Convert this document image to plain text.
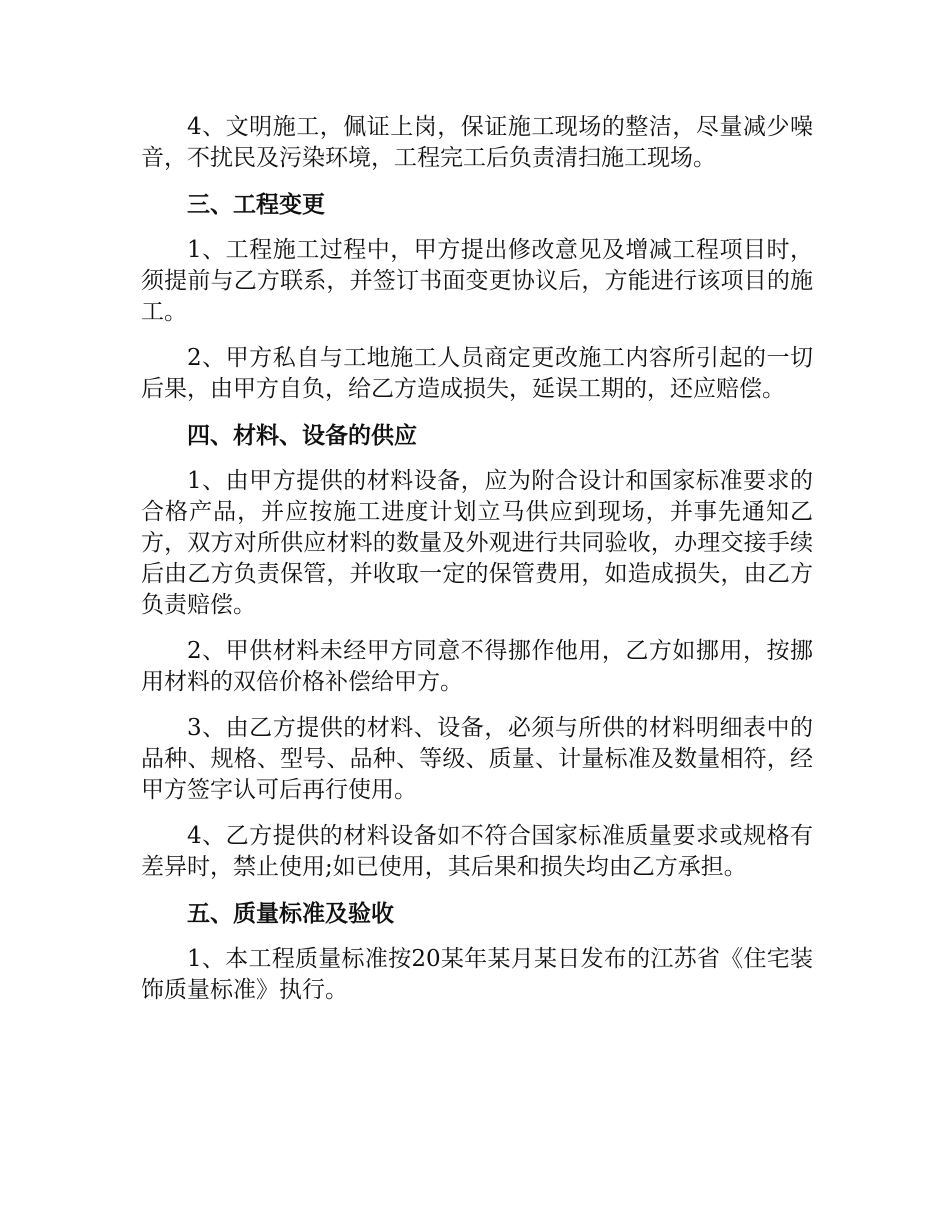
4、文明施工，佩证上岗，保证施工现场的整洁，尽量减少噪音，不扰民及污染环境，工程完工后负责清扫施工现场。

三、工程变更

1、工程施工过程中，甲方提出修改意见及增减工程项目时，须提前与乙方联系，并签订书面变更协议后，方能进行该项目的施工。

2、甲方私自与工地施工人员商定更改施工内容所引起的一切后果，由甲方自负，给乙方造成损失，延误工期的，还应赔偿。

四、材料、设备的供应

1、由甲方提供的材料设备，应为附合设计和国家标准要求的合格产品，并应按施工进度计划立马供应到现场，并事先通知乙方，双方对所供应材料的数量及外观进行共同验收，办理交接手续后由乙方负责保管，并收取一定的保管费用，如造成损失，由乙方负责赔偿。

2、甲供材料未经甲方同意不得挪作他用，乙方如挪用，按挪用材料的双倍价格补偿给甲方。

3、由乙方提供的材料、设备，必须与所供的材料明细表中的品种、规格、型号、品种、等级、质量、计量标准及数量相符，经甲方签字认可后再行使用。

4、乙方提供的材料设备如不符合国家标准质量要求或规格有差异时，禁止使用;如已使用，其后果和损失均由乙方承担。

五、质量标准及验收

1、本工程质量标准按20某年某月某日发布的江苏省《住宅装饰质量标准》执行。
